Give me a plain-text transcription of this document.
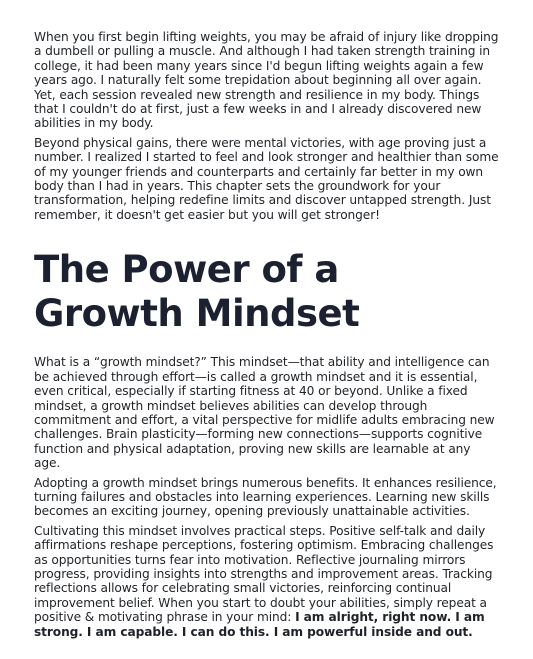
When you first begin lifting weights, you may be afraid of injury like dropping a dumbell or pulling a muscle. And although I had taken strength training in college, it had been many years since I'd begun lifting weights again a few years ago. I naturally felt some trepidation about beginning all over again. Yet, each session revealed new strength and resilience in my body. Things that I couldn't do at first, just a few weeks in and I already discovered new abilities in my body.

Beyond physical gains, there were mental victories, with age proving just a number. I realized I started to feel and look stronger and healthier than some of my younger friends and counterparts and certainly far better in my own body than I had in years. This chapter sets the groundwork for your transformation, helping redefine limits and discover untapped strength. Just remember, it doesn't get easier but you will get stronger!

The Power of a
Growth Mindset

What is a “growth mindset?” This mindset—that ability and intelligence can be achieved through effort—is called a growth mindset and it is essential, even critical, especially if starting fitness at 40 or beyond. Unlike a fixed mindset, a growth mindset believes abilities can develop through commitment and effort, a vital perspective for midlife adults embracing new challenges. Brain plasticity—forming new connections—supports cognitive function and physical adaptation, proving new skills are learnable at any age.

Adopting a growth mindset brings numerous benefits. It enhances resilience, turning failures and obstacles into learning experiences. Learning new skills becomes an exciting journey, opening previously unattainable activities.

Cultivating this mindset involves practical steps. Positive self-talk and daily affirmations reshape perceptions, fostering optimism. Embracing challenges as opportunities turns fear into motivation. Reflective journaling mirrors progress, providing insights into strengths and improvement areas. Tracking reflections allows for celebrating small victories, reinforcing continual improvement belief. When you start to doubt your abilities, simply repeat a positive & motivating phrase in your mind: I am alright, right now. I am strong. I am capable. I can do this. I am powerful inside and out.
